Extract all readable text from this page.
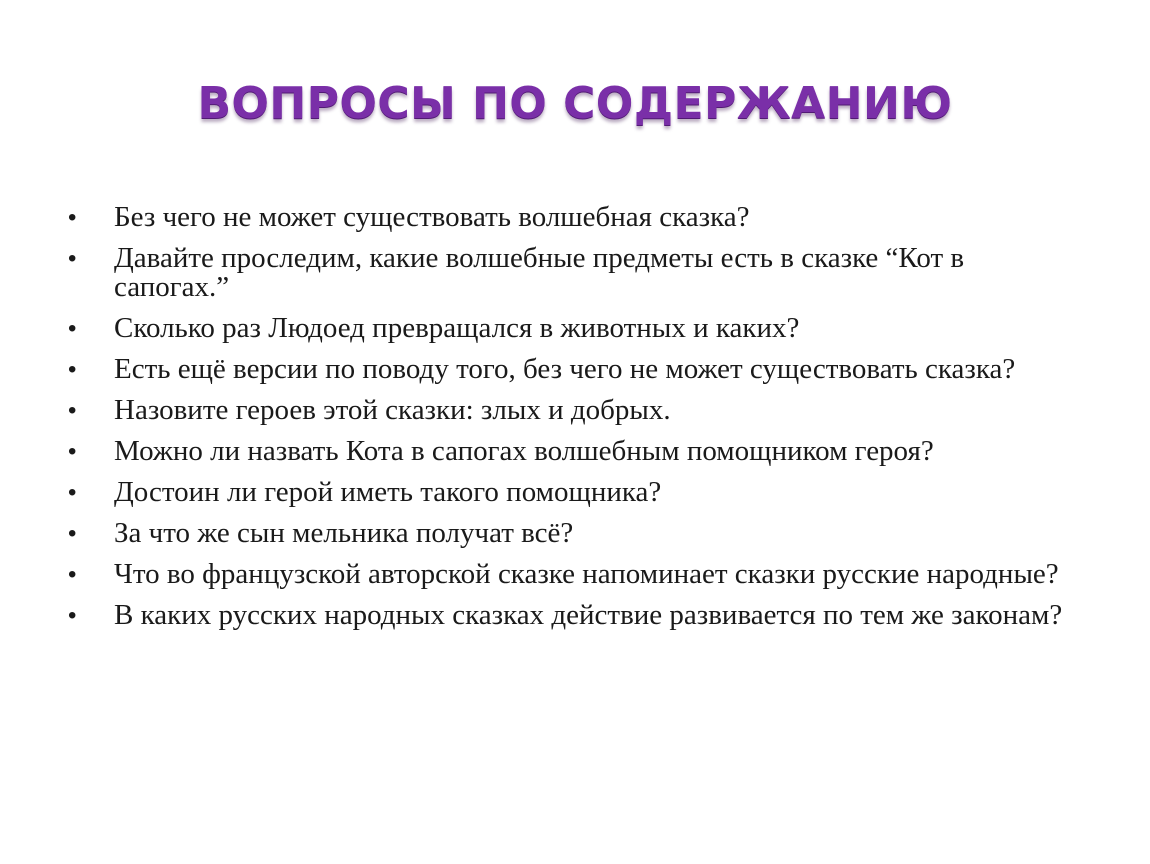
ВОПРОСЫ ПО СОДЕРЖАНИЮ
•	Без чего не может существовать волшебная сказка?
•	Давайте проследим, какие волшебные предметы есть в сказке “Кот в сапогах.”
•	Сколько раз Людоед превращался в животных и каких?
•	Есть ещё версии по поводу того, без чего не может существовать сказка?
•	Назовите героев этой сказки: злых и добрых.
•	Можно ли назвать Кота в сапогах волшебным помощником героя?
•	Достоин ли герой иметь такого помощника?
•	За что же сын мельника получат всё?
•	Что во французской авторской сказке напоминает сказки русские народные?
•	В каких русских народных сказках действие развивается по тем же законам?
